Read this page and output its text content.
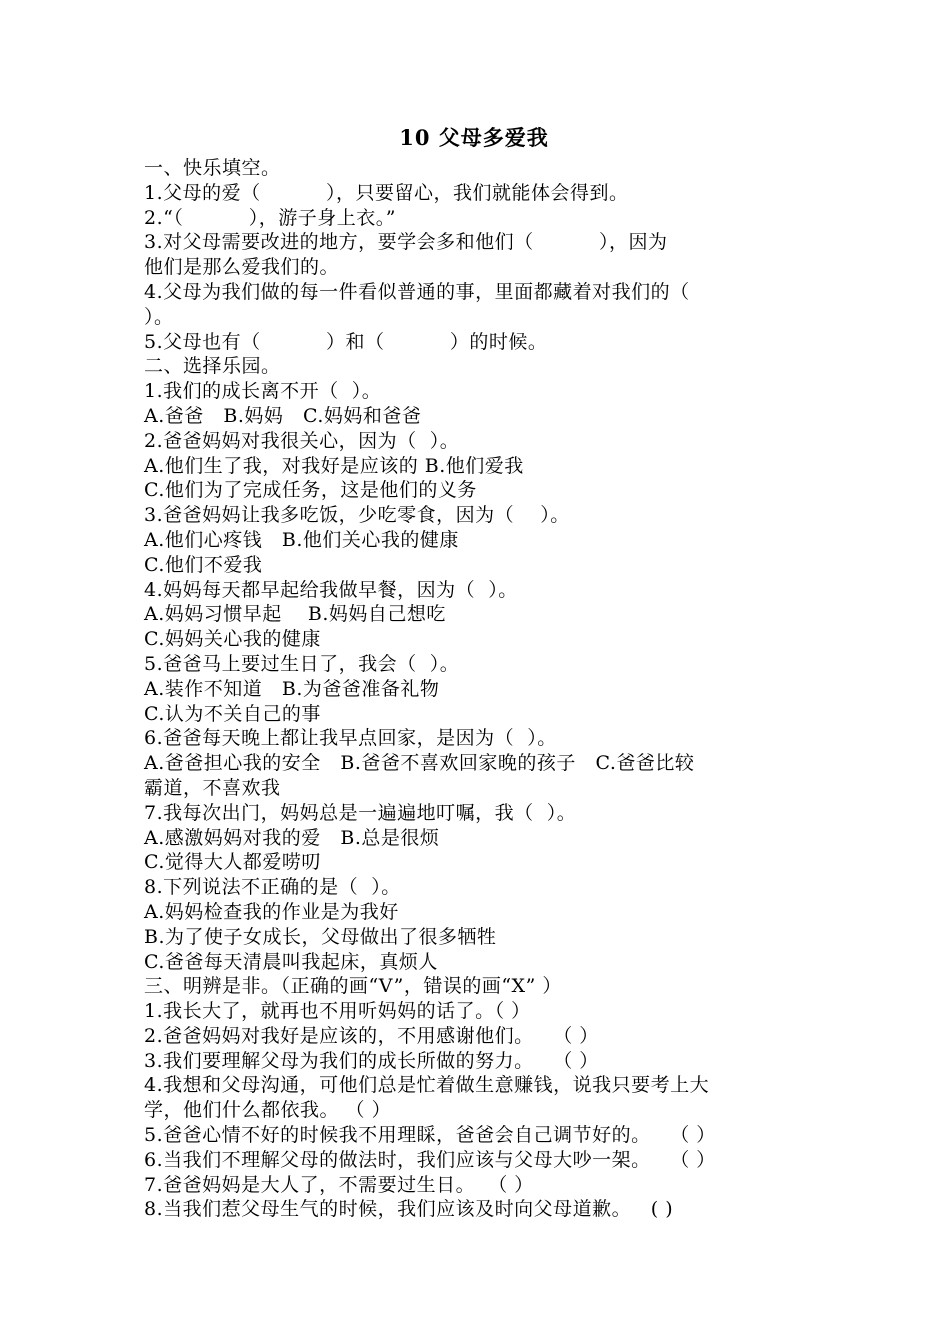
10 父母多爱我
一、快乐填空。
1.父母的爱（          ），只要留心，我们就能体会得到。
2.“（          ），游子身上衣。”
3.对父母需要改进的地方，要学会多和他们（          ），因为
他们是那么爱我们的。
4.父母为我们做的每一件看似普通的事，里面都藏着对我们的（
）。
5.父母也有（          ）和（          ）的时候。
二、选择乐园。
1.我们的成长离不开（  ）。
A.爸爸   B.妈妈   C.妈妈和爸爸
2.爸爸妈妈对我很关心，因为（  ）。
A.他们生了我，对我好是应该的 B.他们爱我
C.他们为了完成任务，这是他们的义务
3.爸爸妈妈让我多吃饭，少吃零食，因为（    ）。
A.他们心疼钱   B.他们关心我的健康
C.他们不爱我
4.妈妈每天都早起给我做早餐，因为（  ）。
A.妈妈习惯早起    B.妈妈自己想吃
C.妈妈关心我的健康
5.爸爸马上要过生日了，我会（  ）。
A.装作不知道   B.为爸爸准备礼物
C.认为不关自己的事
6.爸爸每天晚上都让我早点回家，是因为（  ）。
A.爸爸担心我的安全   B.爸爸不喜欢回家晚的孩子   C.爸爸比较
霸道，不喜欢我
7.我每次出门，妈妈总是一遍遍地叮嘱，我（  ）。
A.感激妈妈对我的爱   B.总是很烦
C.觉得大人都爱唠叨
8.下列说法不正确的是（  ）。
A.妈妈检查我的作业是为我好
B.为了使子女成长，父母做出了很多牺牲
C.爸爸每天清晨叫我起床，真烦人
三、明辨是非。（正确的画“V”，错误的画“X” ）
1.我长大了，就再也不用听妈妈的话了。（ ）
2.爸爸妈妈对我好是应该的，不用感谢他们。   （ ）
3.我们要理解父母为我们的成长所做的努力。   （ ）
4.我想和父母沟通，可他们总是忙着做生意赚钱，说我只要考上大
学，他们什么都依我。 （ ）
5.爸爸心情不好的时候我不用理睬，爸爸会自己调节好的。   （ ）
6.当我们不理解父母的做法时，我们应该与父母大吵一架。   （ ）
7.爸爸妈妈是大人了，不需要过生日。  （ ）
8.当我们惹父母生气的时候，我们应该及时向父母道歉。   ( )
